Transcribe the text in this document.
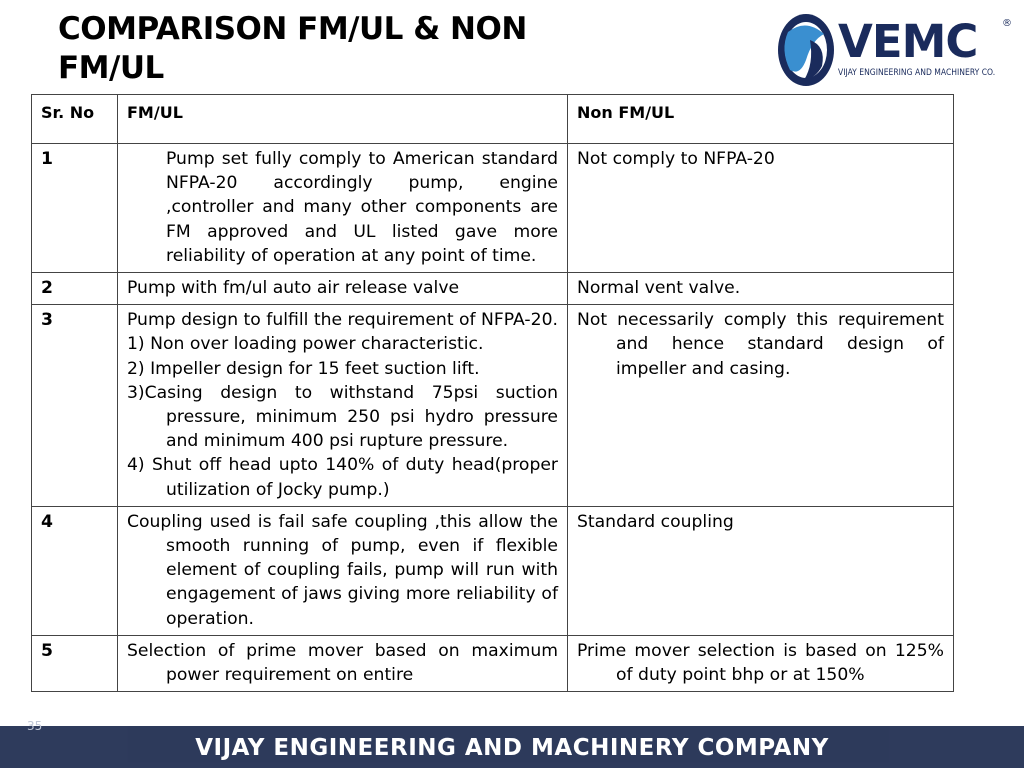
COMPARISON FM/UL & NON FM/UL	VEMC ®
VIJAY ENGINEERING AND MACHINERY CO.
Sr. No	FM/UL	Non FM/UL
1	Pump set fully comply to American standard NFPA-20 accordingly pump, engine ,controller and many other components are FM approved and UL listed gave more reliability of operation at any point of time.	Not comply to NFPA-20
2	Pump with fm/ul auto air release valve	Normal vent valve.
3	Pump design to fulfill the requirement of NFPA-20.
1) Non over loading power characteristic.
2) Impeller design for 15 feet suction lift.
3)Casing design to withstand 75psi suction pressure, minimum 250 psi hydro pressure and minimum 400 psi rupture pressure.
4) Shut off head upto 140% of duty head(proper utilization of Jocky pump.)	Not necessarily comply this requirement and hence standard design of impeller and casing.

4	Coupling used is fail safe coupling ,this allow the smooth running of pump, even if flexible element of coupling fails, pump will run with engagement of jaws giving more reliability of operation.	Standard coupling
5	Selection of prime mover based on maximum power requirement on entire	Prime mover selection is based on 125% of duty point bhp or at 150%
VIJAY ENGINEERING AND MACHINERY COMPANY
35
